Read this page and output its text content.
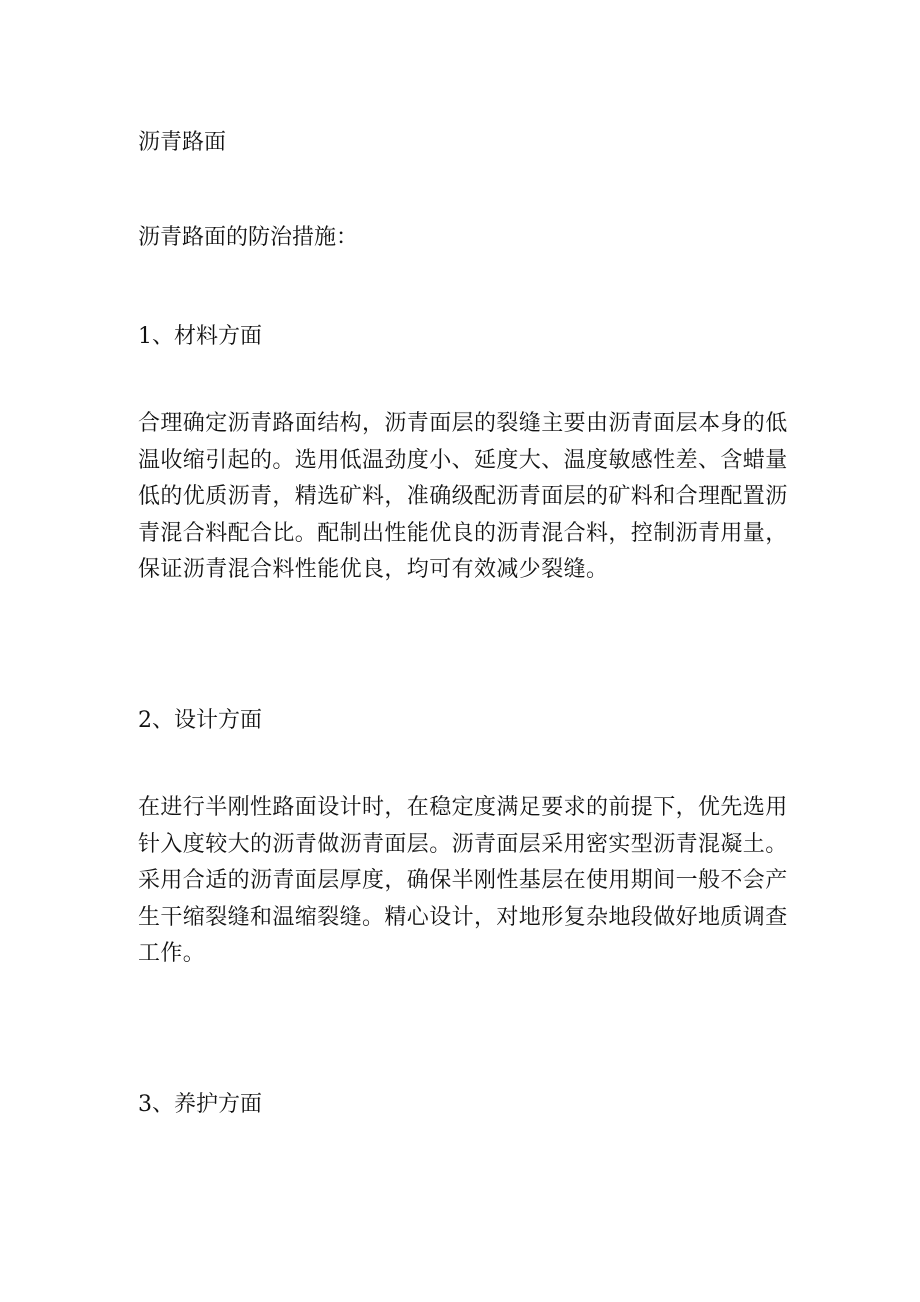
沥青路面

沥青路面的防治措施：

1、材料方面

合理确定沥青路面结构，沥青面层的裂缝主要由沥青面层本身的低
温收缩引起的。选用低温劲度小、延度大、温度敏感性差、含蜡量
低的优质沥青，精选矿料，准确级配沥青面层的矿料和合理配置沥
青混合料配合比。配制出性能优良的沥青混合料，控制沥青用量，
保证沥青混合料性能优良，均可有效减少裂缝。

2、设计方面

在进行半刚性路面设计时，在稳定度满足要求的前提下，优先选用
针入度较大的沥青做沥青面层。沥青面层采用密实型沥青混凝土。
采用合适的沥青面层厚度，确保半刚性基层在使用期间一般不会产
生干缩裂缝和温缩裂缝。精心设计，对地形复杂地段做好地质调查
工作。

3、养护方面
